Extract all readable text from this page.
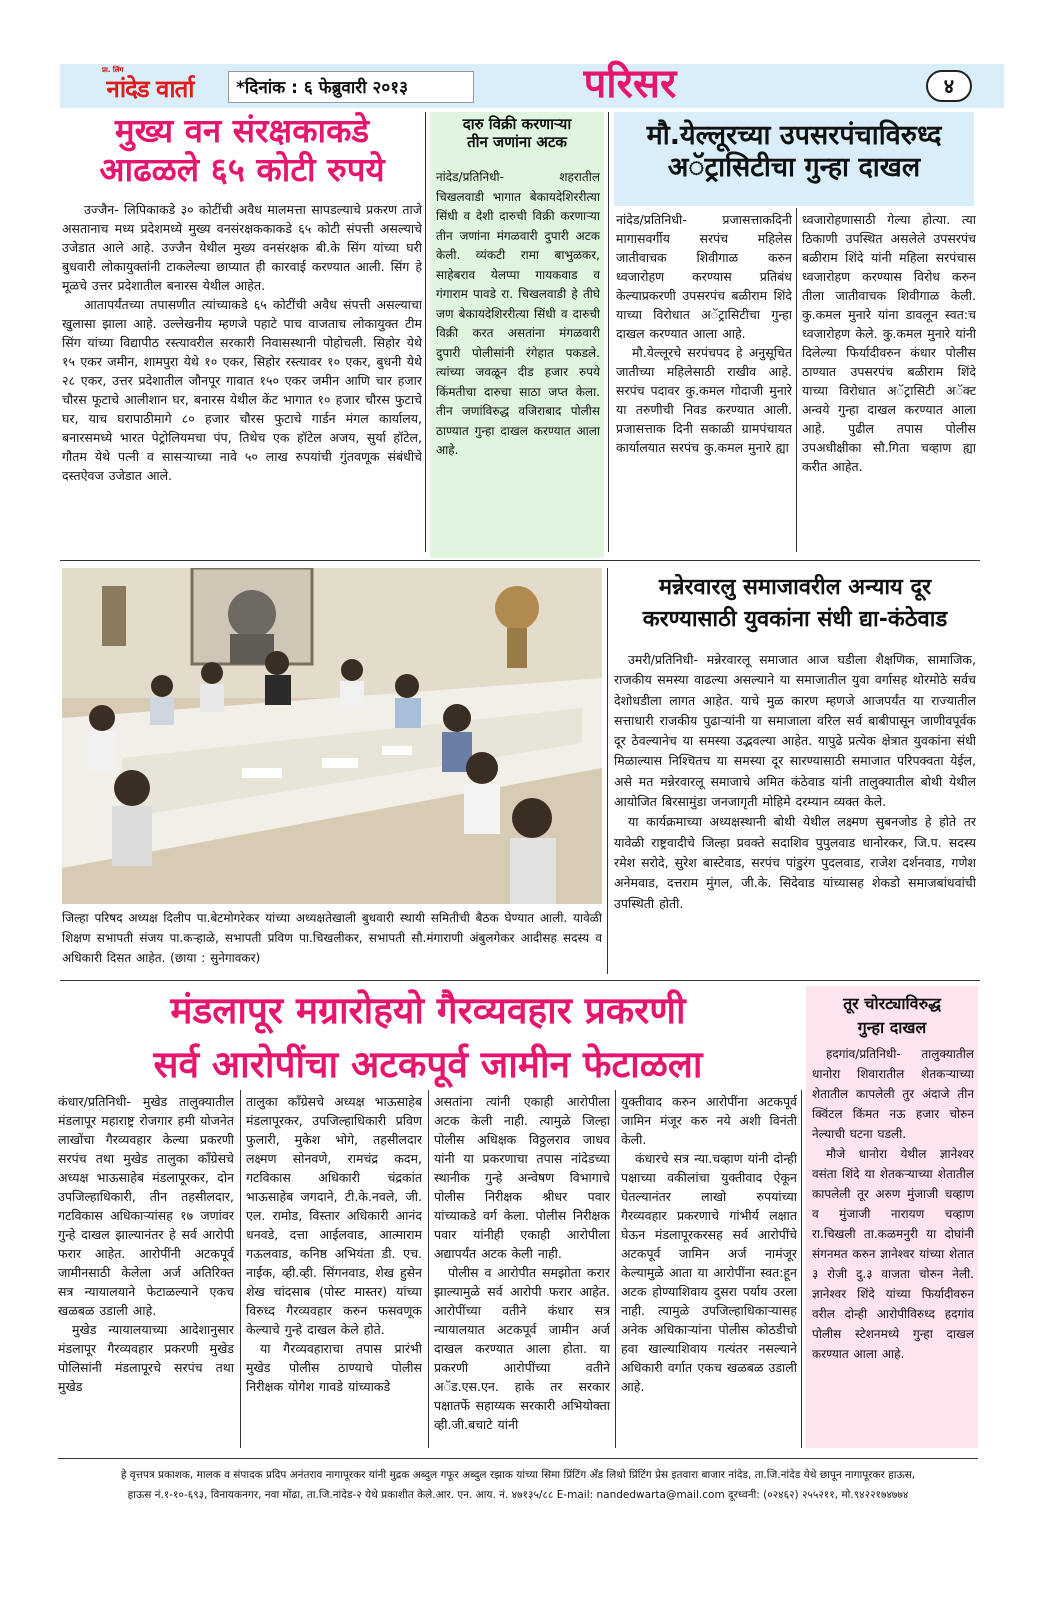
प्रा. लिंग
नांदेड वार्ता	*दिनांक : ६ फेब्रुवारी २०१३	परिसर	४
मुख्य वन संरक्षकाकडे
आढळले ६५ कोटी रुपये
उज्जैन- लिपिकाकडे ३० कोटींची अवैध मालमत्ता सापडल्याचे प्रकरण ताजे असतानाच मध्य प्रदेशमध्ये मुख्य वनसंरक्षककाकडे ६५ कोटी संपत्ती असल्याचे उजेडात आले आहे. उज्जैन येथील मुख्य वनसंरक्षक बी.के सिंग यांच्या घरी बुधवारी लोकायुक्तांनी टाकलेल्या छाप्यात ही कारवाई करण्यात आली. सिंग हे मूळचे उत्तर प्रदेशातील बनारस येथील आहेत.
आतापर्यंतच्या तपासणीत त्यांच्याकडे ६५ कोटींची अवैध संपत्ती असल्याचा खुलासा झाला आहे. उल्लेखनीय म्हणजे पहाटे पाच वाजताच लोकायुक्त टीम सिंग यांच्या विद्यापीठ रस्त्यावरील सरकारी निवासस्थानी पोहोचली. सिहोर येथे १५ एकर जमीन, शामपुरा येथे १० एकर, सिहोर रस्त्यावर १० एकर, बुधनी येथे २८ एकर, उत्तर प्रदेशातील जौनपूर गावात १५० एकर जमीन आणि चार हजार चौरस फूटाचे आलीशान घर, बनारस येथील केंट भागात १० हजार चौरस फुटाचे घर, याच घरापाठीमागे ८० हजार चौरस फुटाचे गार्डन मंगल कार्यालय, बनारसमध्ये भारत पेट्रोलियमचा पंप, तिथेच एक हॉटेल अजय, सुर्या हॉटेल, गौतम येथे पत्नी व सासऱ्याच्या नावे ५० लाख रुपयांची गुंतवणूक संबंधीचे दस्तऐवज उजेडात आले.
दारु विक्री करणाऱ्या
तीन जणांना अटक
नांदेड/प्रतिनिधी- शहरातील चिखलवाडी भागात बेकायदेशिररीत्या सिंधी व देशी दारुची विक्री करणाऱ्या तीन जणांना मंगळवारी दुपारी अटक केली. व्यंकटी रामा बाभुळकर, साहेबराव येलप्पा गायकवाड व गंगाराम पावडे रा. चिखलवाडी हे तीघे जण बेकायदेशिररीत्या सिंधी व दारुची विक्री करत असतांना मंगळवारी दुपारी पोलीसांनी रंगेहात पकडले. त्यांच्या जवळून दीड हजार रुपये किंमतीचा दारुचा साठा जप्त केला. तीन जणांविरुद्ध वजिराबाद पोलीस ठाण्यात गुन्हा दाखल करण्यात आला आहे.
मौ.येल्लूरच्या उपसरपंचाविरुध्द
अॅट्रासिटीचा गुन्हा दाखल
नांदेड/प्रतिनिधी- प्रजासत्ताकदिनी मागासवर्गीय सरपंच महिलेस जातीवाचक शिवीगाळ करुन ध्वजारोहण करण्यास प्रतिबंध केल्याप्रकरणी उपसरपंच बळीराम शिंदे याच्या विरोधात अॅट्रासिटीचा गुन्हा दाखल करण्यात आला आहे.
मौ.येल्लूरचे सरपंचपद हे अनुसूचित जातीच्या महिलेसाठी राखीव आहे. सरपंच पदावर कु.कमल गोदाजी मुनारे या तरुणीची निवड करण्यात आली. प्रजासत्ताक दिनी सकाळी ग्रामपंचायत कार्यालयात सरपंच कु.कमल मुनारे ह्या
ध्वजारोहणासाठी गेल्या होत्या. त्या ठिकाणी उपस्थित असलेले उपसरपंच बळीराम शिंदे यांनी महिला सरपंचास ध्वजारोहण करण्यास विरोध करुन तीला जातीवाचक शिवीगाळ केली. कु.कमल मुनारे यांना डावलून स्वत:च ध्वजारोहण केले. कु.कमल मुनारे यांनी दिलेल्या फिर्यादीवरुन कंधार पोलीस ठाण्यात उपसरपंच बळीराम शिंदे याच्या विरोधात अॅट्रासिटी अॅक्ट अन्वये गुन्हा दाखल करण्यात आला आहे. पुढील तपास पोलीस उपअधीक्षीका सौ.गिता चव्हाण ह्या करीत आहेत.
जिल्हा परिषद अध्यक्ष दिलीप पा.बेटमोगरेकर यांच्या अध्यक्षतेखाली बुधवारी स्थायी समितीची बैठक घेण्यात आली. यावेळी शिक्षण सभापती संजय पा.कऱ्हाळे, सभापती प्रविण पा.चिखलीकर, सभापती सौ.मंगाराणी अंबुलगेकर आदीसह सदस्य व अधिकारी दिसत आहेत. (छाया : सुनेगावकर)
मन्नेरवारलु समाजावरील अन्याय दूर
करण्यासाठी युवकांना संधी द्या-कंठेवाड
उमरी/प्रतिनिधी- मन्नेरवारलू समाजात आज घडीला शैक्षणिक, सामाजिक, राजकीय समस्या वाढल्या असल्याने या समाजातील युवा वर्गासह थोरमोठे सर्वच देशोधडीला लागत आहेत. याचे मुळ कारण म्हणजे आजपर्यंत या राज्यातील सत्ताधारी राजकीय पुढाऱ्यांनी या समाजाला वरिल सर्व बाबीपासून जाणीवपूर्वक दूर ठेवल्यानेच या समस्या उद्भवल्या आहेत. यापुढे प्रत्येक क्षेत्रात युवकांना संधी मिळाल्यास निश्चितच या समस्या दूर सारण्यासाठी समाजात परिपक्वता येईल, असे मत मन्नेरवारलू समाजाचे अमित कंठेवाड यांनी तालुक्यातील बोथी येथील आयोजित बिरसामुंडा जनजागृती मोहिमे दरम्यान व्यक्त केले.
या कार्यक्रमाच्या अध्यक्षस्थानी बोथी येथील लक्ष्मण सुबनजोड हे होते तर यावेळी राष्ट्रवादीचे जिल्हा प्रवक्ते सदाशिव पुपुलवाड धानोरकर, जि.प. सदस्य रमेश सरोदे, सुरेश बास्टेवाड, सरपंच पांडुरंग पुदलवाड, राजेश दर्शनवाड, गणेश अनेमवाड, दत्तराम मुंगल, जी.के. सिदेवाड यांच्यासह शेकडो समाजबांधवांची उपस्थिती होती.
मंडलापूर मग्रारोहयो गैरव्यवहार प्रकरणी
सर्व आरोपींचा अटकपूर्व जामीन फेटाळला
कंधार/प्रतिनिधी- मुखेड तालुक्यातील मंडलापूर महाराष्ट्र रोजगार हमी योजनेत लाखोंचा गैरव्यवहार केल्या प्रकरणी सरपंच तथा मुखेड तालुका काँग्रेसचे अध्यक्ष भाऊसाहेब मंडलापूरकर, दोन उपजिल्हाधिकारी, तीन तहसीलदार, गटविकास अधिकाऱ्यांसह १७ जणांवर गुन्हे दाखल झाल्यानंतर हे सर्व आरोपी फरार आहेत. आरोपींनी अटकपूर्व जामीनसाठी केलेला अर्ज अतिरिक्त सत्र न्यायालयाने फेटाळल्याने एकच खळबळ उडाली आहे.
मुखेड न्यायालयाच्या आदेशानुसार मंडलापूर गैरव्यवहार प्रकरणी मुखेड पोलिसांनी मंडलापूरचे सरपंच तथा मुखेड
तालुका काँग्रेसचे अध्यक्ष भाऊसाहेब मंडलापूरकर, उपजिल्हाधिकारी प्रविण फुलारी, मुकेश भोगे, तहसीलदार लक्ष्मण सोनवणे, रामचंद्र कदम, गटविकास अधिकारी चंद्रकांत भाऊसाहेब जगदाने, टी.के.नवले, जी. एल. रामोड, विस्तार अधिकारी आनंद धनवडे, दत्ता आईलवाड, आत्माराम गऊलवाड, कनिष्ठ अभियंता डी. एच. नाईक, व्ही.व्ही. सिंगनवाड, शेख हुसेन शेख चांदसाब (पोस्ट मास्तर) यांच्या विरुध्द गैरव्यवहार करुन फसवणूक केल्याचे गुन्हे दाखल केले होते.
या गैरव्यवहाराचा तपास प्रारंभी मुखेड पोलीस ठाण्याचे पोलीस निरीक्षक योगेश गावडे यांच्याकडे
असतांना त्यांनी एकाही आरोपीला अटक केली नाही. त्यामुळे जिल्हा पोलीस अधिक्षक विठ्ठलराव जाधव यांनी या प्रकरणाचा तपास नांदेडच्या स्थानीक गुन्हे अन्वेषण विभागाचे पोलीस निरीक्षक श्रीधर पवार यांच्याकडे वर्ग केला. पोलीस निरीक्षक पवार यांनीही एकाही आरोपीला अद्यापर्यंत अटक केली नाही.
पोलीस व आरोपीत समझोता करार झाल्यामुळे सर्व आरोपी फरार आहेत. आरोपींच्या वतीने कंधार सत्र न्यायालयात अटकपूर्व जामीन अर्ज दाखल करण्यात आला होता. या प्रकरणी आरोपींच्या वतीने अॅड.एस.एन. हाके तर सरकार पक्षातर्फे सहाय्यक सरकारी अभियोक्ता व्ही.जी.बचाटे यांनी
युक्तीवाद करुन आरोपींना अटकपूर्व जामिन मंजूर करु नये अशी विनंती केली.
कंधारचे सत्र न्या.चव्हाण यांनी दोन्ही पक्षाच्या वकीलांचा युक्तीवाद ऐकून घेतल्यानंतर लाखो रुपयांच्या गैरव्यवहार प्रकरणाचे गांभीर्य लक्षात घेऊन मंडलापूरकरसह सर्व आरोपींचे अटकपूर्व जामिन अर्ज नामंजूर केल्यामुळे आता या आरोपींना स्वत:हून अटक होण्याशिवाय दुसरा पर्याय उरला नाही. त्यामुळे उपजिल्हाधिकाऱ्यासह अनेक अधिकाऱ्यांना पोलीस कोठडीचो हवा खाल्याशिवाय गत्यंतर नसल्याने अधिकारी वर्गात एकच खळबळ उडाली आहे.
तूर चोरट्याविरुद्ध
गुन्हा दाखल
हदगांव/प्रतिनिधी- तालुक्यातील धानोरा शिवारातील शेतकऱ्याच्या शेतातील कापलेली तुर अंदाजे तीन क्विंटल किंमत नऊ हजार चोरुन नेल्याची घटना घडली.
मौजे धानोरा येथील ज्ञानेश्वर वसंता शिंदे या शेतकऱ्याच्या शेतातील कापलेली तूर अरुण मुंजाजी चव्हाण व मुंजाजी नारायण चव्हाण रा.चिखली ता.कळमनुरी या दोघांनी संगनमत करुन ज्ञानेश्वर यांच्या शेतात ३ रोजी दु.३ वाजता चोरुन नेली. ज्ञानेश्वर शिंदे यांच्या फिर्यादीवरुन वरील दोन्ही आरोपीविरुध्द हदगांव पोलीस स्टेशनमध्ये गुन्हा दाखल करण्यात आला आहे.
हे वृत्तपत्र प्रकाशक, मालक व संपादक प्रदिप अनंतराव नागापूरकर यांनी मुद्रक अब्दुल गफूर अब्दुल रझाक यांच्या सिमा प्रिंटिंग अँड लिथो प्रिंटिंग प्रेस इतवारा बाजार नांदेड, ता.जि.नांदेड येथे छापून नागापूरकर हाऊस,
हाऊस नं.१-१०-६९३, विनायकनगर, नवा मोंढा, ता.जि.नांदेड-२ येथे प्रकाशीत केले.आर. एन. आय. नं. ४७१३५/८८ E-mail: nandedwarta@mail.com दूरध्वनी: (०२४६२) २५५२११, मो.९४२२१७४७७४
